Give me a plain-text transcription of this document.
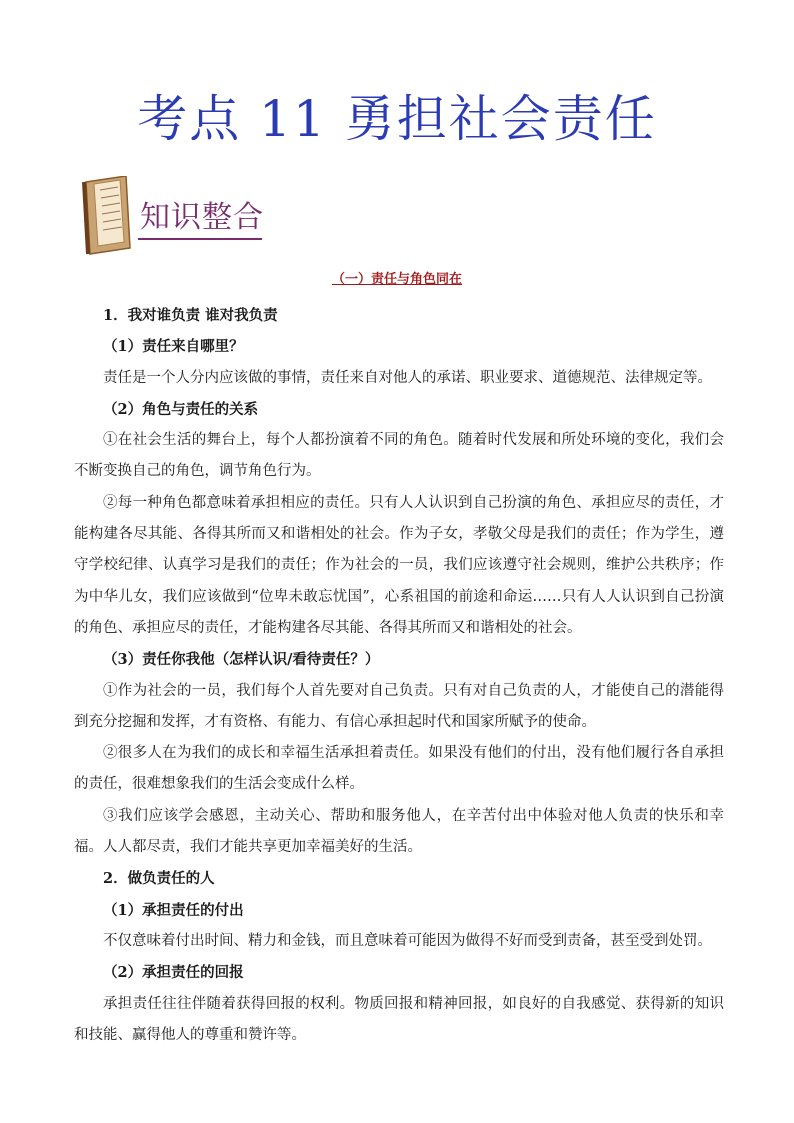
考点 11 勇担社会责任
知识整合
（一）责任与角色同在

1．我对谁负责 谁对我负责

（1）责任来自哪里？

责任是一个人分内应该做的事情，责任来自对他人的承诺、职业要求、道德规范、法律规定等。

（2）角色与责任的关系

①在社会生活的舞台上，每个人都扮演着不同的角色。随着时代发展和所处环境的变化，我们会不断变换自己的角色，调节角色行为。

②每一种角色都意味着承担相应的责任。只有人人认识到自己扮演的角色、承担应尽的责任，才能构建各尽其能、各得其所而又和谐相处的社会。作为子女，孝敬父母是我们的责任；作为学生，遵守学校纪律、认真学习是我们的责任；作为社会的一员，我们应该遵守社会规则，维护公共秩序；作为中华儿女，我们应该做到“位卑未敢忘忧国”，心系祖国的前途和命运……只有人人认识到自己扮演的角色、承担应尽的责任，才能构建各尽其能、各得其所而又和谐相处的社会。

（3）责任你我他（怎样认识/看待责任？）

①作为社会的一员，我们每个人首先要对自己负责。只有对自己负责的人，才能使自己的潜能得到充分挖掘和发挥，才有资格、有能力、有信心承担起时代和国家所赋予的使命。

②很多人在为我们的成长和幸福生活承担着责任。如果没有他们的付出，没有他们履行各自承担的责任，很难想象我们的生活会变成什么样。

③我们应该学会感恩，主动关心、帮助和服务他人，在辛苦付出中体验对他人负责的快乐和幸福。人人都尽责，我们才能共享更加幸福美好的生活。

2．做负责任的人

（1）承担责任的付出

不仅意味着付出时间、精力和金钱，而且意味着可能因为做得不好而受到责备，甚至受到处罚。

（2）承担责任的回报

承担责任往往伴随着获得回报的权利。物质回报和精神回报，如良好的自我感觉、获得新的知识和技能、赢得他人的尊重和赞许等。
